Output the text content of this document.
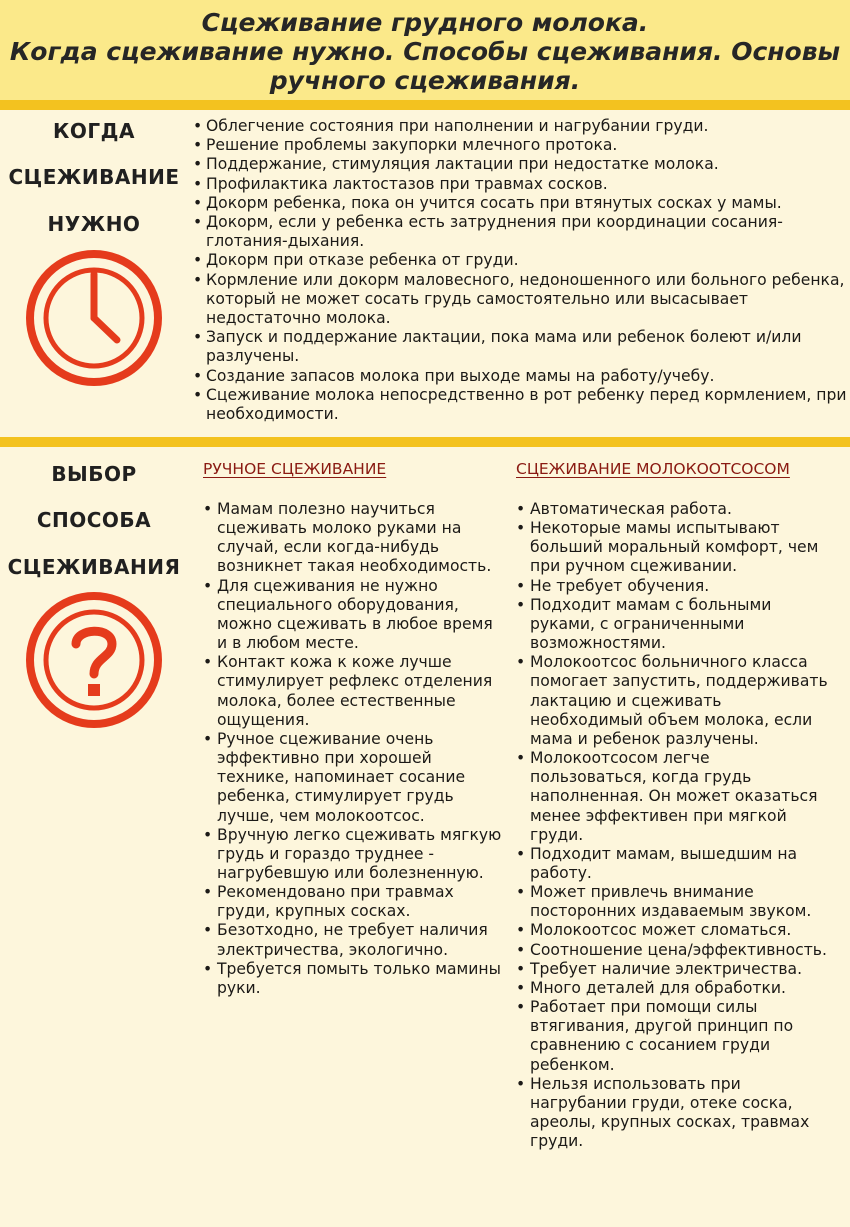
Сцеживание грудного молока.
Когда сцеживание нужно. Способы сцеживания. Основы
ручного сцеживания.
КОГДА
СЦЕЖИВАНИЕ
НУЖНО
• Облегчение состояния при наполнении и нагрубании груди.
• Решение проблемы закупорки млечного протока.
• Поддержание, стимуляция лактации при недостатке молока.
• Профилактика лактостазов при травмах сосков.
• Докорм ребенка, пока он учится сосать при втянутых сосках у мамы.
• Докорм, если у ребенка есть затруднения при координации сосания-глотания-дыхания.
• Докорм при отказе ребенка от груди.
• Кормление или докорм маловесного, недоношенного или больного ребенка, который не может сосать грудь самостоятельно или высасывает недостаточно молока.
• Запуск и поддержание лактации, пока мама или ребенок болеют и/или разлучены.
• Создание запасов молока при выходе мамы на работу/учебу.
• Сцеживание молока непосредственно в рот ребенку перед кормлением, при необходимости.
ВЫБОР
СПОСОБА
СЦЕЖИВАНИЯ
РУЧНОЕ СЦЕЖИВАНИЕ	СЦЕЖИВАНИЕ МОЛОКООТСОСОМ
• Мамам полезно научиться сцеживать молоко руками на случай, если когда-нибудь возникнет такая необходимость.
• Для сцеживания не нужно специального оборудования, можно сцеживать в любое время и в любом месте.
• Контакт кожа к коже лучше стимулирует рефлекс отделения молока, более естественные ощущения.
• Ручное сцеживание очень эффективно при хорошей технике, напоминает сосание ребенка, стимулирует грудь лучше, чем молокоотсос.
• Вручную легко сцеживать мягкую грудь и гораздо труднее - нагрубевшую или болезненную.
• Рекомендовано при травмах груди, крупных сосках.
• Безотходно, не требует наличия электричества, экологично.
• Требуется помыть только мамины руки.
• Автоматическая работа.
• Некоторые мамы испытывают больший моральный комфорт, чем при ручном сцеживании.
• Не требует обучения.
• Подходит мамам с больными руками, с ограниченными возможностями.
• Молокоотсос больничного класса помогает запустить, поддерживать лактацию и сцеживать необходимый объем молока, если мама и ребенок разлучены.
• Молокоотсосом легче пользоваться, когда грудь наполненная. Он может оказаться менее эффективен при мягкой груди.
• Подходит мамам, вышедшим на работу.
• Может привлечь внимание посторонних издаваемым звуком.
• Молокоотсос может сломаться.
• Соотношение цена/эффективность.
• Требует наличие электричества.
• Много деталей для обработки.
• Работает при помощи силы втягивания, другой принцип по сравнению с сосанием груди ребенком.
• Нельзя использовать при нагрубании груди, отеке соска, ареолы, крупных сосках, травмах груди.
